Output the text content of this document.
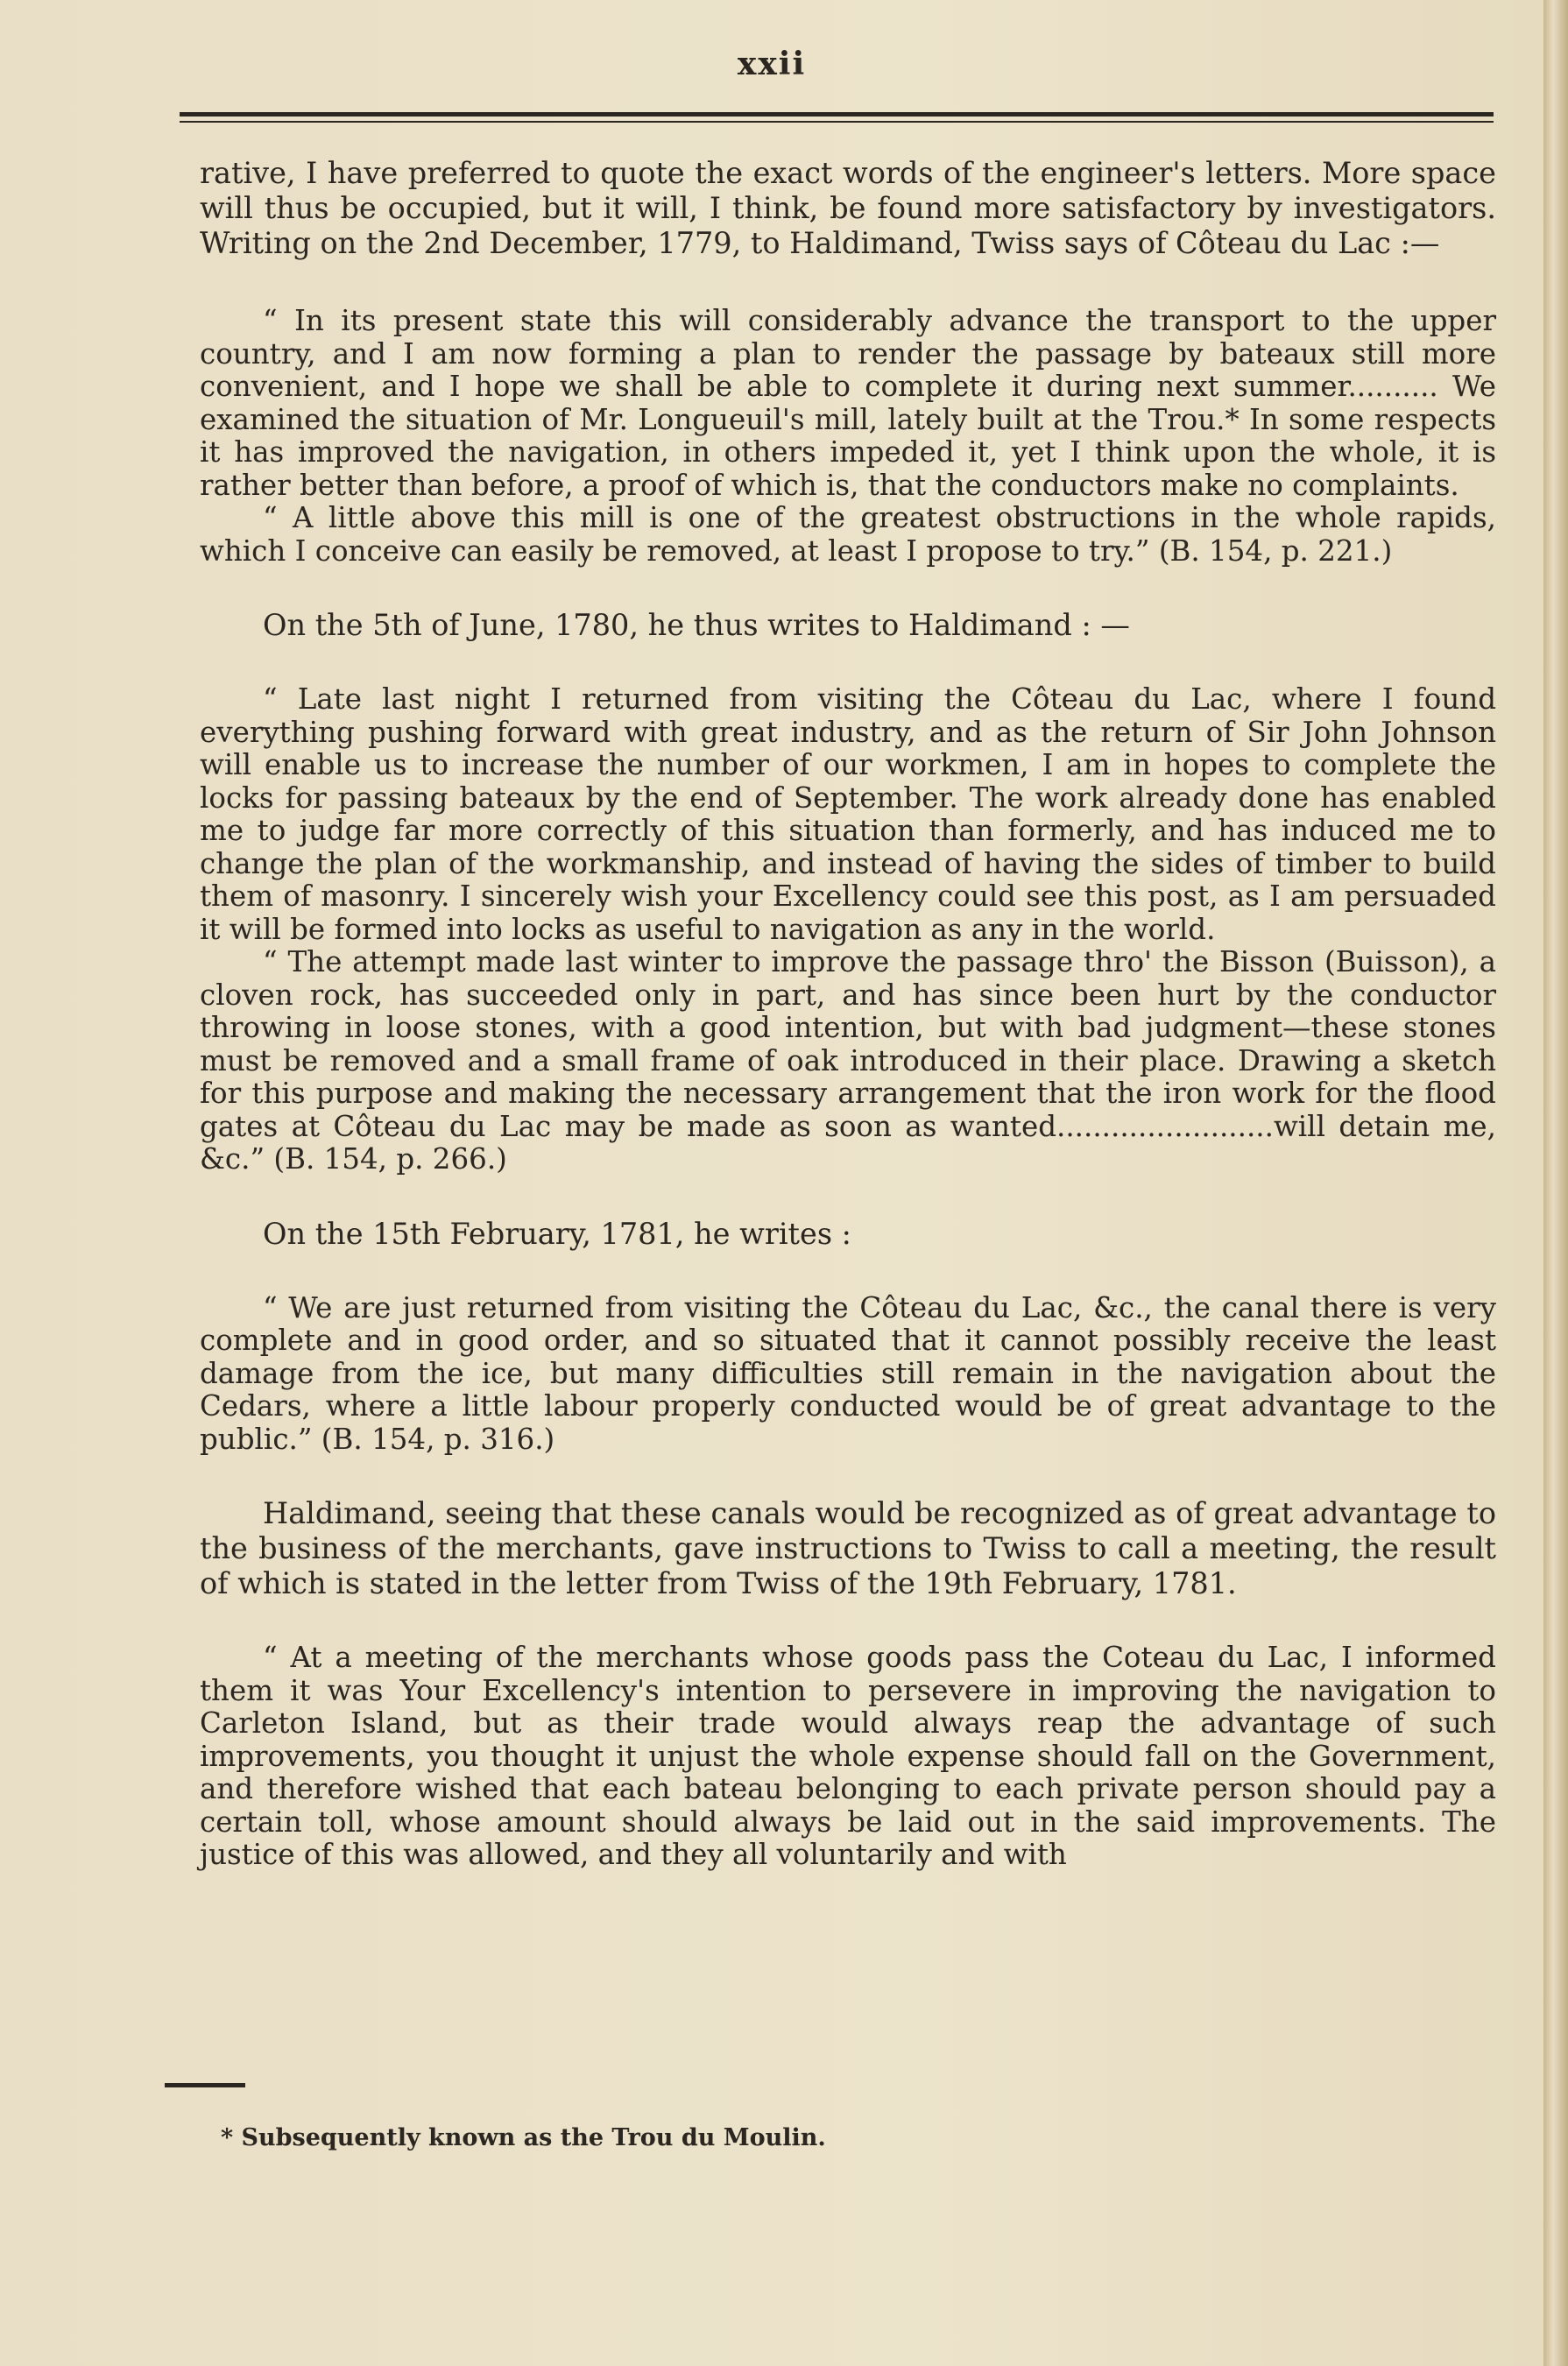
xxii

rative, I have preferred to quote the exact words of the engineer's letters. More space will thus be occupied, but it will, I think, be found more satisfactory by investigators. Writing on the 2nd December, 1779, to Haldimand, Twiss says of Côteau du Lac :—

“ In its present state this will considerably advance the transport to the upper country, and I am now forming a plan to render the passage by bateaux still more convenient, and I hope we shall be able to complete it during next summer.......... We examined the situation of Mr. Longueuil's mill, lately built at the Trou.* In some respects it has improved the navigation, in others impeded it, yet I think upon the whole, it is rather better than before, a proof of which is, that the conductors make no complaints.

“ A little above this mill is one of the greatest obstructions in the whole rapids, which I conceive can easily be removed, at least I propose to try.” (B. 154, p. 221.)

On the 5th of June, 1780, he thus writes to Haldimand : —

“ Late last night I returned from visiting the Côteau du Lac, where I found everything pushing forward with great industry, and as the return of Sir John Johnson will enable us to increase the number of our workmen, I am in hopes to complete the locks for passing bateaux by the end of September. The work already done has enabled me to judge far more correctly of this situation than formerly, and has induced me to change the plan of the workmanship, and instead of having the sides of timber to build them of masonry. I sincerely wish your Excellency could see this post, as I am persuaded it will be formed into locks as useful to navigation as any in the world.

“ The attempt made last winter to improve the passage thro' the Bisson (Buisson), a cloven rock, has succeeded only in part, and has since been hurt by the conductor throwing in loose stones, with a good intention, but with bad judgment—these stones must be removed and a small frame of oak introduced in their place. Drawing a sketch for this purpose and making the necessary arrangement that the iron work for the flood gates at Côteau du Lac may be made as soon as wanted........................will detain me, &c.” (B. 154, p. 266.)

On the 15th February, 1781, he writes :

“ We are just returned from visiting the Côteau du Lac, &c., the canal there is very complete and in good order, and so situated that it cannot possibly receive the least damage from the ice, but many difficulties still remain in the navigation about the Cedars, where a little labour properly conducted would be of great advantage to the public.” (B. 154, p. 316.)

Haldimand, seeing that these canals would be recognized as of great advantage to the business of the merchants, gave instructions to Twiss to call a meeting, the result of which is stated in the letter from Twiss of the 19th February, 1781.

“ At a meeting of the merchants whose goods pass the Coteau du Lac, I informed them it was Your Excellency's intention to persevere in improving the navigation to Carleton Island, but as their trade would always reap the advantage of such improvements, you thought it unjust the whole expense should fall on the Government, and therefore wished that each bateau belonging to each private person should pay a certain toll, whose amount should always be laid out in the said improvements. The justice of this was allowed, and they all voluntarily and with

* Subsequently known as the Trou du Moulin.
